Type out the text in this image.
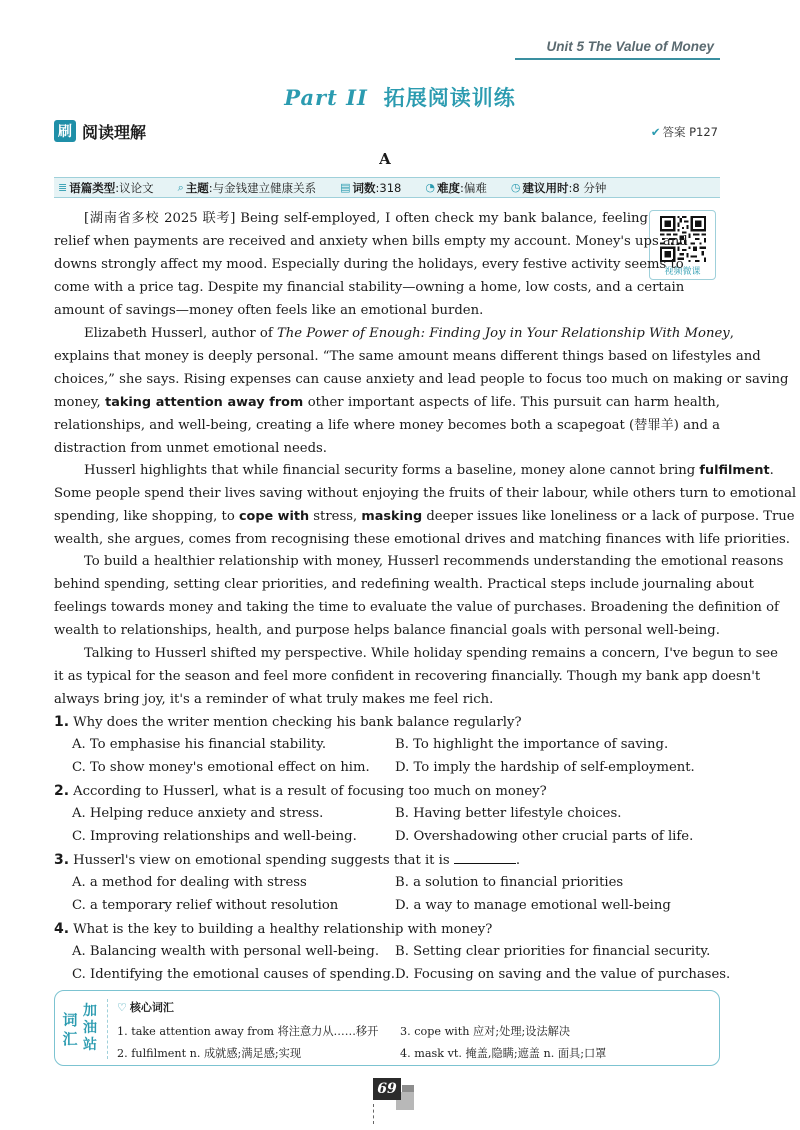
Unit 5 The Value of Money
Part II 拓展阅读训练
刷 阅读理解	✔ 答案 P127
A
≣ 语篇类型 :议论文 ⌕ 主题 :与金钱建立健康关系 ▤ 词数 :318 ◔ 难度 :偏难 ◷ 建议用时 :8 分钟
视频微课
[湖南省多校 2025 联考] Being self-employed, I often check my bank balance, feeling
relief when payments are received and anxiety when bills empty my account. Money's ups and
downs strongly affect my mood. Especially during the holidays, every festive activity seems to
come with a price tag. Despite my financial stability—owning a home, low costs, and a certain
amount of savings—money often feels like an emotional burden.
Elizabeth Husserl, author of The Power of Enough: Finding Joy in Your Relationship With Money,
explains that money is deeply personal. “The same amount means different things based on lifestyles and
choices,” she says. Rising expenses can cause anxiety and lead people to focus too much on making or saving
money, taking attention away from other important aspects of life. This pursuit can harm health,
relationships, and well-being, creating a life where money becomes both a scapegoat (替罪羊) and a
distraction from unmet emotional needs.
Husserl highlights that while financial security forms a baseline, money alone cannot bring fulfilment.
Some people spend their lives saving without enjoying the fruits of their labour, while others turn to emotional
spending, like shopping, to cope with stress, masking deeper issues like loneliness or a lack of purpose. True
wealth, she argues, comes from recognising these emotional drives and matching finances with life priorities.
To build a healthier relationship with money, Husserl recommends understanding the emotional reasons
behind spending, setting clear priorities, and redefining wealth. Practical steps include journaling about
feelings towards money and taking the time to evaluate the value of purchases. Broadening the definition of
wealth to relationships, health, and purpose helps balance financial goals with personal well-being.
Talking to Husserl shifted my perspective. While holiday spending remains a concern, I've begun to see
it as typical for the season and feel more confident in recovering financially. Though my bank app doesn't
always bring joy, it's a reminder of what truly makes me feel rich.
1. Why does the writer mention checking his bank balance regularly?
A. To emphasise his financial stability.	B. To highlight the importance of saving.
C. To show money's emotional effect on him. D. To imply the hardship of self-employment.
2. According to Husserl, what is a result of focusing too much on money?
A. Helping reduce anxiety and stress.	B. Having better lifestyle choices.
C. Improving relationships and well-being.	D. Overshadowing other crucial parts of life.
3. Husserl's view on emotional spending suggests that it is	.
A. a method for dealing with stress	B. a solution to financial priorities
C. a temporary relief without resolution	D. a way to manage emotional well-being
4. What is the key to building a healthy relationship with money?
A. Balancing wealth with personal well-being. B. Setting clear priorities for financial security.
C. Identifying the emotional causes of spending. D. Focusing on saving and the value of purchases.
词汇
加油站
♡ 核心词汇
1. take attention away from 将注意力从……移开 3. cope with 应对;处理;设法解决
2. fulfilment n. 成就感;满足感;实现	4. mask vt. 掩盖,隐瞒;遮盖 n. 面具;口罩
69
